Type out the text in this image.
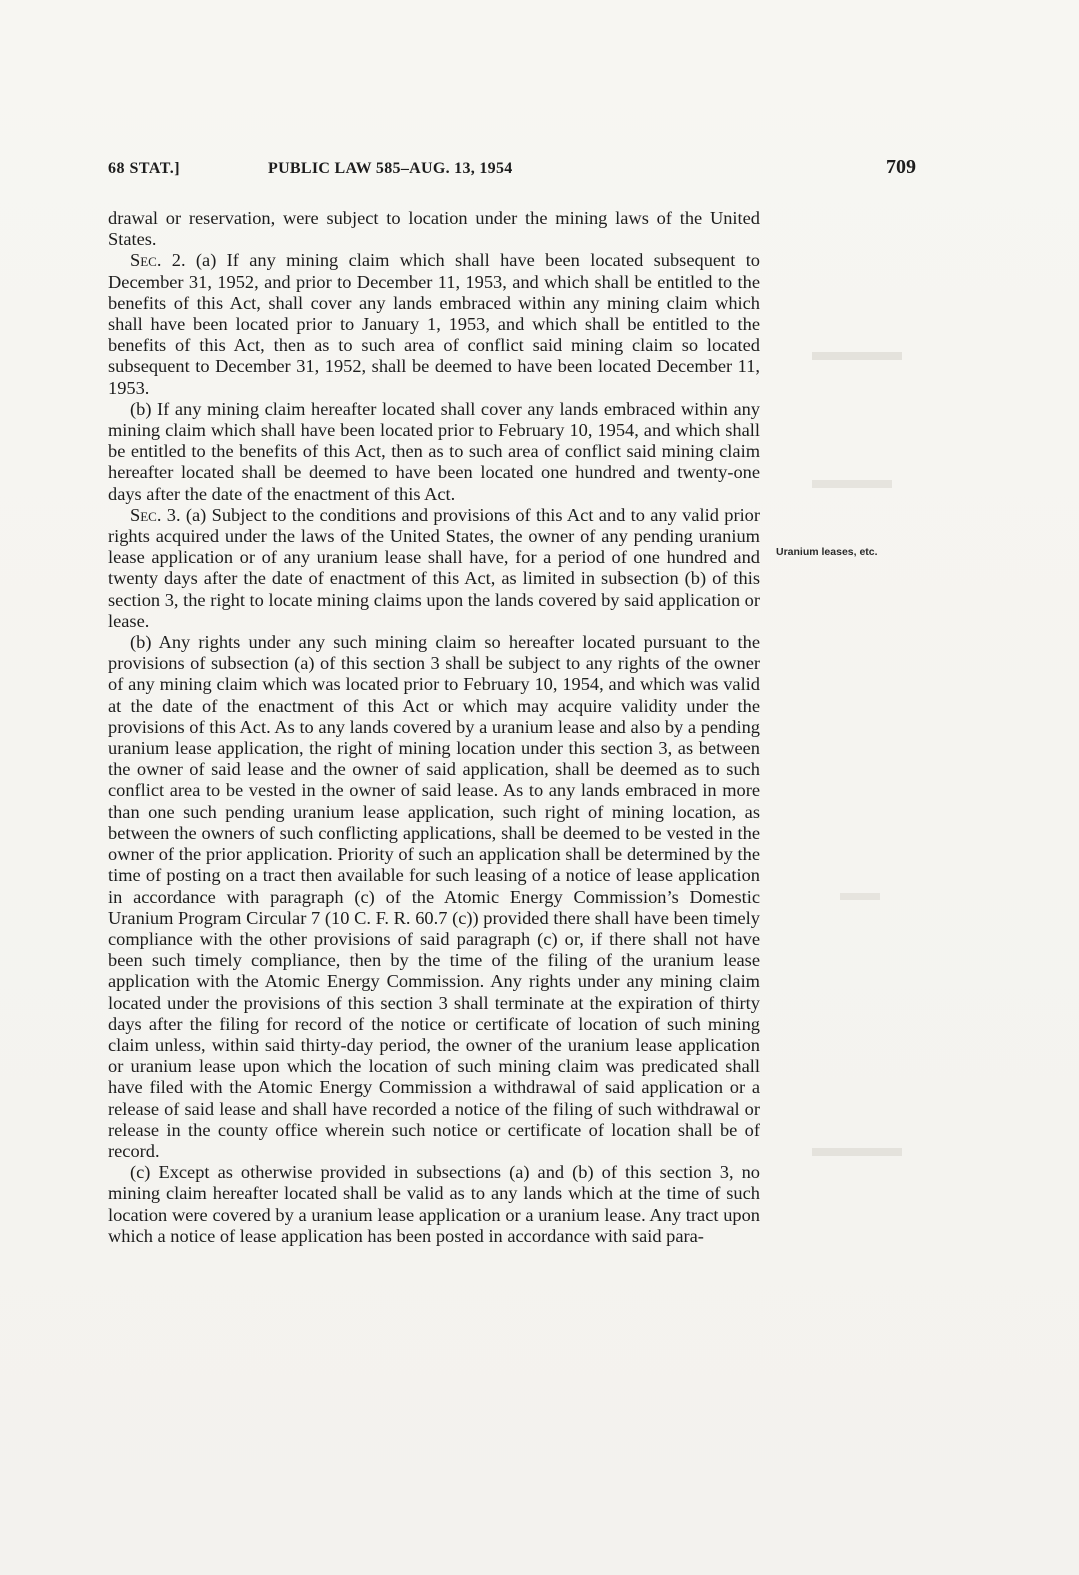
68 STAT.]	PUBLIC LAW 585–AUG. 13, 1954	709

drawal or reservation, were subject to location under the mining laws of the United States.

Sec. 2. (a) If any mining claim which shall have been located subsequent to December 31, 1952, and prior to December 11, 1953, and which shall be entitled to the benefits of this Act, shall cover any lands embraced within any mining claim which shall have been located prior to January 1, 1953, and which shall be entitled to the benefits of this Act, then as to such area of conflict said mining claim so located subsequent to December 31, 1952, shall be deemed to have been located December 11, 1953.

(b) If any mining claim hereafter located shall cover any lands embraced within any mining claim which shall have been located prior to February 10, 1954, and which shall be entitled to the benefits of this Act, then as to such area of conflict said mining claim hereafter located shall be deemed to have been located one hundred and twenty-one days after the date of the enactment of this Act.

Sec. 3. (a) Subject to the conditions and provisions of this Act and to any valid prior rights acquired under the laws of the United States, the owner of any pending uranium lease application or of any uranium lease shall have, for a period of one hundred and twenty days after the date of enactment of this Act, as limited in subsection (b) of this section 3, the right to locate mining claims upon the lands covered by said application or lease.

(b) Any rights under any such mining claim so hereafter located pursuant to the provisions of subsection (a) of this section 3 shall be subject to any rights of the owner of any mining claim which was located prior to February 10, 1954, and which was valid at the date of the enactment of this Act or which may acquire validity under the provisions of this Act. As to any lands covered by a uranium lease and also by a pending uranium lease application, the right of mining location under this section 3, as between the owner of said lease and the owner of said application, shall be deemed as to such conflict area to be vested in the owner of said lease. As to any lands embraced in more than one such pending uranium lease application, such right of mining location, as between the owners of such conflicting applications, shall be deemed to be vested in the owner of the prior application. Priority of such an application shall be determined by the time of posting on a tract then available for such leasing of a notice of lease application in accordance with paragraph (c) of the Atomic Energy Commission’s Domestic Uranium Program Circular 7 (10 C. F. R. 60.7 (c)) provided there shall have been timely compliance with the other provisions of said paragraph (c) or, if there shall not have been such timely compliance, then by the time of the filing of the uranium lease application with the Atomic Energy Commission. Any rights under any mining claim located under the provisions of this section 3 shall terminate at the expiration of thirty days after the filing for record of the notice or certificate of location of such mining claim unless, within said thirty-day period, the owner of the uranium lease application or uranium lease upon which the location of such mining claim was predicated shall have filed with the Atomic Energy Commission a withdrawal of said application or a release of said lease and shall have recorded a notice of the filing of such withdrawal or release in the county office wherein such notice or certificate of location shall be of record.

(c) Except as otherwise provided in subsections (a) and (b) of this section 3, no mining claim hereafter located shall be valid as to any lands which at the time of such location were covered by a uranium lease application or a uranium lease. Any tract upon which a notice of lease application has been posted in accordance with said para-

Uranium leases, etc.
